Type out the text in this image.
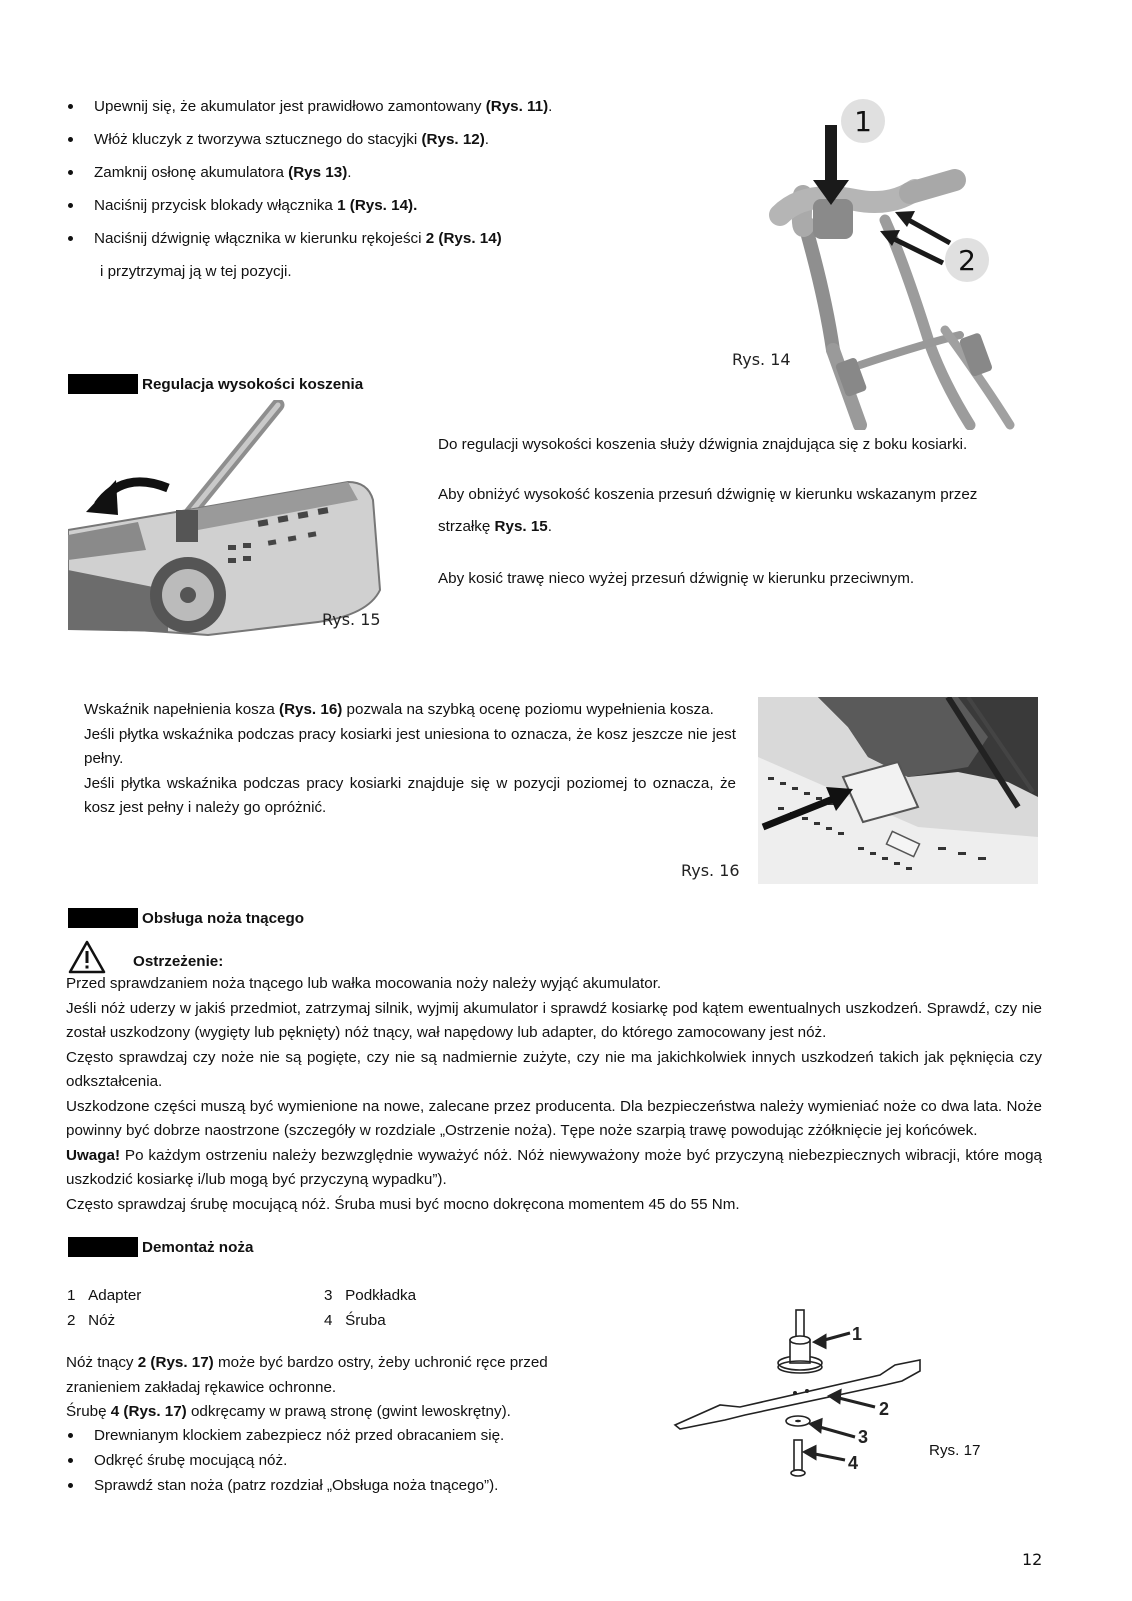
Upewnij się, że akumulator jest prawidłowo zamontowany (Rys. 11).
Włóż kluczyk z tworzywa sztucznego do stacyjki (Rys. 12).
Zamknij osłonę akumulatora (Rys 13).
Naciśnij przycisk blokady włącznika 1 (Rys. 14).
Naciśnij dźwignię włącznika w kierunku rękojeści 2 (Rys. 14)
i przytrzymaj ją w tej pozycji.
1
2
Rys. 14
Regulacja wysokości koszenia
Rys. 15
Do regulacji wysokości koszenia służy dźwignia znajdująca się z boku kosiarki.
Aby obniżyć wysokość koszenia przesuń dźwignię w kierunku wskazanym przez
strzałkę Rys. 15.
Aby kosić trawę nieco wyżej przesuń dźwignię w kierunku przeciwnym.

Wskaźnik napełnienia kosza (Rys. 16) pozwala na szybką ocenę poziomu wypełnienia kosza.

Jeśli płytka wskaźnika podczas pracy kosiarki jest uniesiona to oznacza, że kosz jeszcze nie jest pełny.

Jeśli płytka wskaźnika podczas pracy kosiarki znajduje się w pozycji poziomej to oznacza, że kosz jest pełny i należy go opróżnić.

Rys. 16
Obsługa noża tnącego
Ostrzeżenie:

Przed sprawdzaniem noża tnącego lub wałka mocowania noży należy wyjąć akumulator.

Jeśli nóż uderzy w jakiś przedmiot, zatrzymaj silnik, wyjmij akumulator i sprawdź kosiarkę pod kątem ewentualnych uszkodzeń. Sprawdź, czy nie został uszkodzony (wygięty lub pęknięty) nóż tnący, wał napędowy lub adapter, do którego zamocowany jest nóż.

Często sprawdzaj czy noże nie są pogięte, czy nie są nadmiernie zużyte, czy nie ma jakichkolwiek innych uszkodzeń takich jak pęknięcia czy odkształcenia.

Uszkodzone części muszą być wymienione na nowe, zalecane przez producenta. Dla bezpieczeństwa należy wymieniać noże co dwa lata. Noże powinny być dobrze naostrzone (szczegóły w rozdziale „Ostrzenie noża). Tępe noże szarpią trawę powodując zżółknięcie jej końcówek.

Uwaga! Po każdym ostrzeniu należy bezwzględnie wyważyć nóż. Nóż niewyważony może być przyczyną niebezpiecznych wibracji, które mogą uszkodzić kosiarkę i/lub mogą być przyczyną wypadku”).

Często sprawdzaj śrubę mocującą nóż. Śruba musi być mocno dokręcona momentem 45 do 55 Nm.

Demontaż noża
1 Adapter
2 Nóż
3 Podkładka
4 Śruba

Nóż tnący 2 (Rys. 17) może być bardzo ostry, żeby uchronić ręce przed zranieniem zakładaj rękawice ochronne.

Śrubę 4 (Rys. 17) odkręcamy w prawą stronę (gwint lewoskrętny).

Drewnianym klockiem zabezpiecz nóż przed obracaniem się.
Odkręć śrubę mocującą nóż.
Sprawdź stan noża (patrz rozdział „Obsługa noża tnącego”).
1
2
3
4
Rys. 17
12
